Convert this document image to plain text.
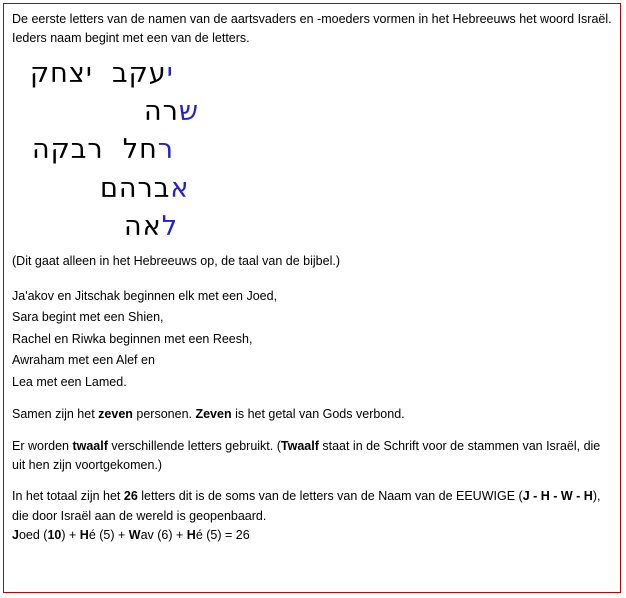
De eerste letters van de namen van de aartsvaders en -moeders vormen in het Hebreeuws het woord Israël. Ieders naam begint met een van de letters.

יעקב  יצחק
שרה
רחל  רבקה
אברהם
לאה

(Dit gaat alleen in het Hebreeuws op, de taal van de bijbel.)

Ja'akov en Jitschak beginnen elk met een Joed,
Sara begint met een Shien,
Rachel en Riwka beginnen met een Reesh,
Awraham met een Alef en
Lea met een Lamed.

Samen zijn het zeven personen. Zeven is het getal van Gods verbond.

Er worden twaalf verschillende letters gebruikt. (Twaalf staat in de Schrift voor de stammen van Israël, die uit hen zijn voortgekomen.)

In het totaal zijn het 26 letters dit is de soms van de letters van de Naam van de EEUWIGE (J - H - W - H), die door Israël aan de wereld is geopenbaard.

Joed (10) + Hé (5) + Wav (6) + Hé (5) = 26
